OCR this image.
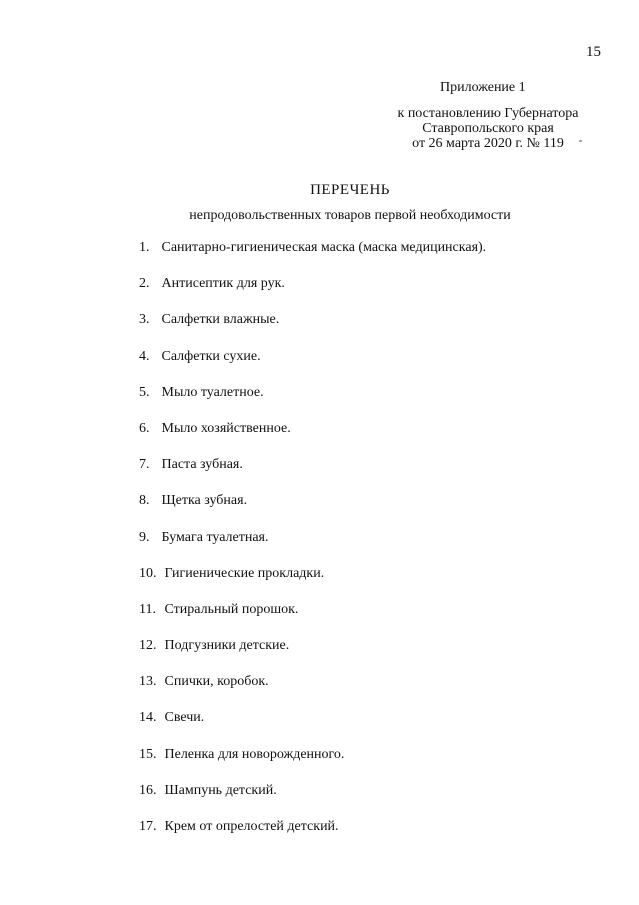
15
Приложение 1
к постановлению Губернатора
Ставропольского края
от 26 марта 2020 г. № 119
ПЕРЕЧЕНЬ
непродовольственных товаров первой необходимости
1. Санитарно-гигиеническая маска (маска медицинская).
2. Антисептик для рук.
3. Салфетки влажные.
4. Салфетки сухие.
5. Мыло туалетное.
6. Мыло хозяйственное.
7. Паста зубная.
8. Щетка зубная.
9. Бумага туалетная.
10. Гигиенические прокладки.
11. Стиральный порошок.
12. Подгузники детские.
13. Спички, коробок.
14. Свечи.
15. Пеленка для новорожденного.
16. Шампунь детский.
17. Крем от опрелостей детский.
